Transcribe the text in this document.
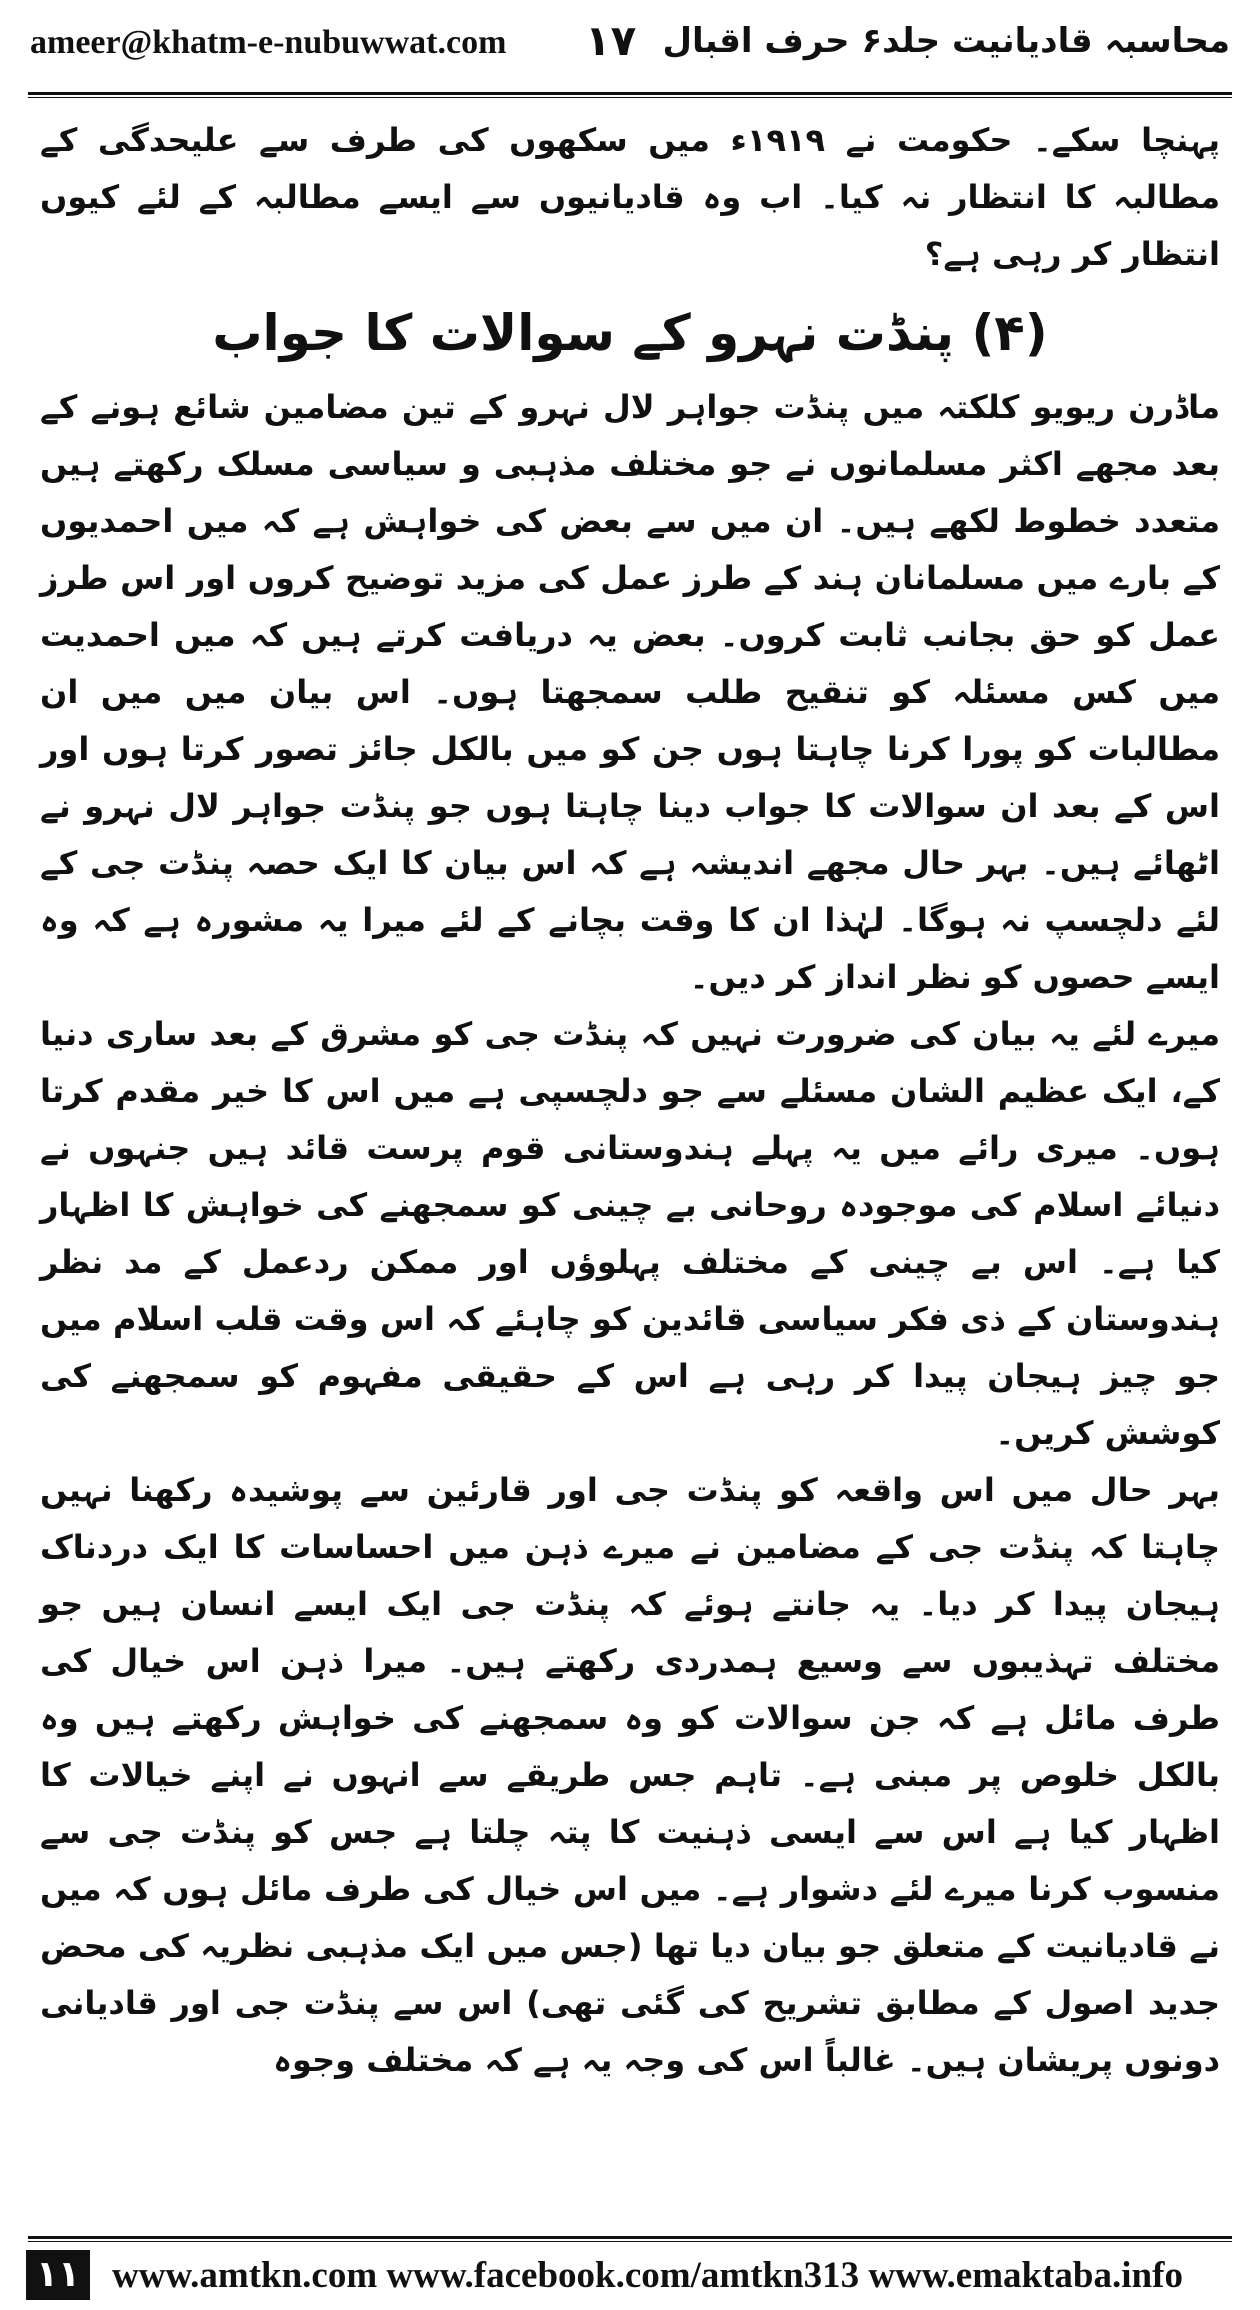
ameer@khatm-e-nubuwwat.com ۱۷ محاسبہ قادیانیت جلد۶ حرف اقبال

پہنچا سکے۔ حکومت نے ۱۹۱۹ء میں سکھوں کی طرف سے علیحدگی کے مطالبہ کا انتظار نہ کیا۔ اب وہ قادیانیوں سے ایسے مطالبہ کے لئے کیوں انتظار کر رہی ہے؟

(۴) پنڈت نہرو کے سوالات کا جواب

ماڈرن ریویو کلکتہ میں پنڈت جواہر لال نہرو کے تین مضامین شائع ہونے کے بعد مجھے اکثر مسلمانوں نے جو مختلف مذہبی و سیاسی مسلک رکھتے ہیں متعدد خطوط لکھے ہیں۔ ان میں سے بعض کی خواہش ہے کہ میں احمدیوں کے بارے میں مسلمانان ہند کے طرز عمل کی مزید توضیح کروں اور اس طرز عمل کو حق بجانب ثابت کروں۔ بعض یہ دریافت کرتے ہیں کہ میں احمدیت میں کس مسئلہ کو تنقیح طلب سمجھتا ہوں۔ اس بیان میں میں ان مطالبات کو پورا کرنا چاہتا ہوں جن کو میں بالکل جائز تصور کرتا ہوں اور اس کے بعد ان سوالات کا جواب دینا چاہتا ہوں جو پنڈت جواہر لال نہرو نے اٹھائے ہیں۔ بہر حال مجھے اندیشہ ہے کہ اس بیان کا ایک حصہ پنڈت جی کے لئے دلچسپ نہ ہوگا۔ لہٰذا ان کا وقت بچانے کے لئے میرا یہ مشورہ ہے کہ وہ ایسے حصوں کو نظر انداز کر دیں۔

میرے لئے یہ بیان کی ضرورت نہیں کہ پنڈت جی کو مشرق کے بعد ساری دنیا کے، ایک عظیم الشان مسئلے سے جو دلچسپی ہے میں اس کا خیر مقدم کرتا ہوں۔ میری رائے میں یہ پہلے ہندوستانی قوم پرست قائد ہیں جنہوں نے دنیائے اسلام کی موجودہ روحانی بے چینی کو سمجھنے کی خواہش کا اظہار کیا ہے۔ اس بے چینی کے مختلف پہلوؤں اور ممکن ردعمل کے مد نظر ہندوستان کے ذی فکر سیاسی قائدین کو چاہئے کہ اس وقت قلب اسلام میں جو چیز ہیجان پیدا کر رہی ہے اس کے حقیقی مفہوم کو سمجھنے کی کوشش کریں۔

بہر حال میں اس واقعہ کو پنڈت جی اور قارئین سے پوشیدہ رکھنا نہیں چاہتا کہ پنڈت جی کے مضامین نے میرے ذہن میں احساسات کا ایک دردناک ہیجان پیدا کر دیا۔ یہ جانتے ہوئے کہ پنڈت جی ایک ایسے انسان ہیں جو مختلف تہذیبوں سے وسیع ہمدردی رکھتے ہیں۔ میرا ذہن اس خیال کی طرف مائل ہے کہ جن سوالات کو وہ سمجھنے کی خواہش رکھتے ہیں وہ بالکل خلوص پر مبنی ہے۔ تاہم جس طریقے سے انہوں نے اپنے خیالات کا اظہار کیا ہے اس سے ایسی ذہنیت کا پتہ چلتا ہے جس کو پنڈت جی سے منسوب کرنا میرے لئے دشوار ہے۔ میں اس خیال کی طرف مائل ہوں کہ میں نے قادیانیت کے متعلق جو بیان دیا تھا (جس میں ایک مذہبی نظریہ کی محض جدید اصول کے مطابق تشریح کی گئی تھی) اس سے پنڈت جی اور قادیانی دونوں پریشان ہیں۔ غالباً اس کی وجہ یہ ہے کہ مختلف وجوہ

۱۱ www.amtkn.com www.facebook.com/amtkn313 www.emaktaba.info
